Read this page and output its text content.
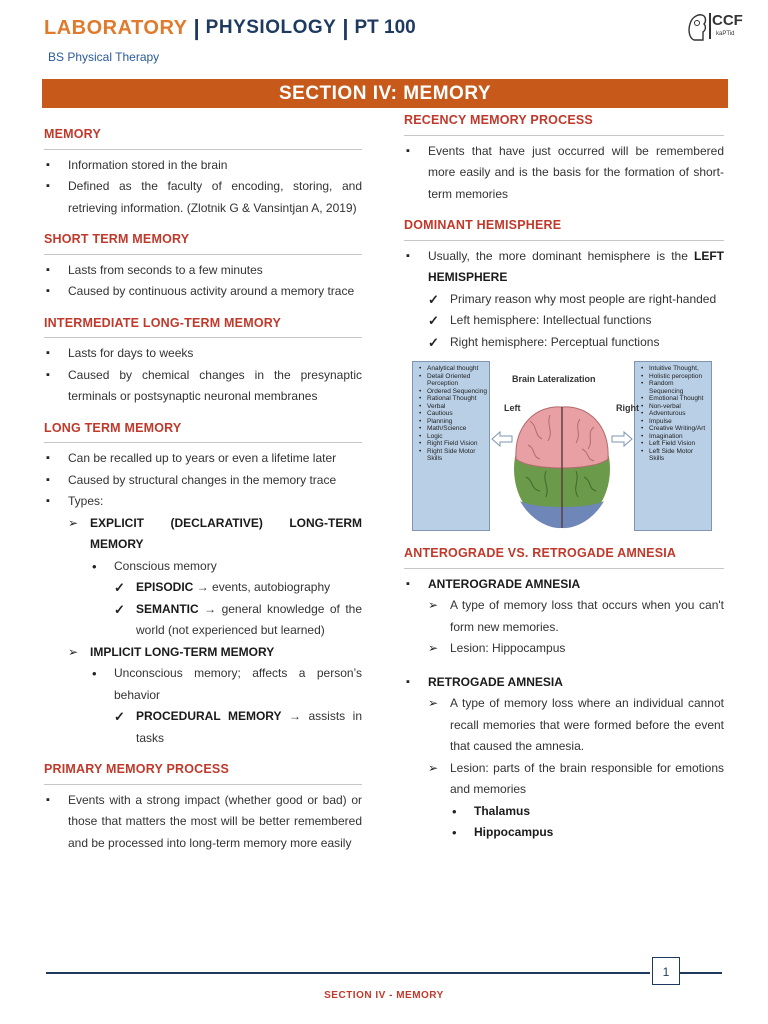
LABORATORY | PHYSIOLOGY | PT 100
BS Physical Therapy
CCF
kaPTid
SECTION IV: MEMORY
MEMORY
▪ Information stored in the brain
▪ Defined as the faculty of encoding, storing, and retrieving information. (Zlotnik G & Vansintjan A, 2019)
SHORT TERM MEMORY
▪ Lasts from seconds to a few minutes
▪ Caused by continuous activity around a memory trace
INTERMEDIATE LONG-TERM MEMORY
▪ Lasts for days to weeks
▪ Caused by chemical changes in the presynaptic terminals or postsynaptic neuronal membranes
LONG TERM MEMORY
▪ Can be recalled up to years or even a lifetime later
▪ Caused by structural changes in the memory trace
▪ Types:
➢ EXPLICIT (DECLARATIVE) LONG-TERM MEMORY
• Conscious memory
✓ EPISODIC → events, autobiography
✓ SEMANTIC → general knowledge of the world (not experienced but learned)
➢ IMPLICIT LONG-TERM MEMORY
• Unconscious memory; affects a person’s behavior
✓ PROCEDURAL MEMORY → assists in tasks
PRIMARY MEMORY PROCESS
▪ Events with a strong impact (whether good or bad) or those that matters the most will be better remembered and be processed into long-term memory more easily
RECENCY MEMORY PROCESS
▪ Events that have just occurred will be remembered more easily and is the basis for the formation of short-term memories
DOMINANT HEMISPHERE
▪ Usually, the more dominant hemisphere is the LEFT HEMISPHERE
✓ Primary reason why most people are right-handed
✓ Left hemisphere: Intellectual functions
✓ Right hemisphere: Perceptual functions
• Analytical thought
• Detail Oriented Perception
• Ordered Sequencing
• Rational Thought
• Verbal
• Cautious
• Planning
• Math/Science
• Logic
• Right Field Vision
• Right Side Motor Skills
• Intuitive Thought,
• Holistic perception
• Random Sequencing
• Emotional Thought
• Non-verbal
• Adventurous
• Impulse
• Creative Writing/Art
• Imagination
• Left Field Vision
• Left Side Motor Skills
Brain Lateralization
Left	Right
ANTEROGRADE VS. RETROGADE AMNESIA
▪ ANTEROGRADE AMNESIA
➢ A type of memory loss that occurs when you can't form new memories.
➢ Lesion: Hippocampus
▪ RETROGADE AMNESIA
➢ A type of memory loss where an individual cannot recall memories that were formed before the event that caused the amnesia.
➢ Lesion: parts of the brain responsible for emotions and memories
• Thalamus
• Hippocampus
1
SECTION IV - MEMORY
